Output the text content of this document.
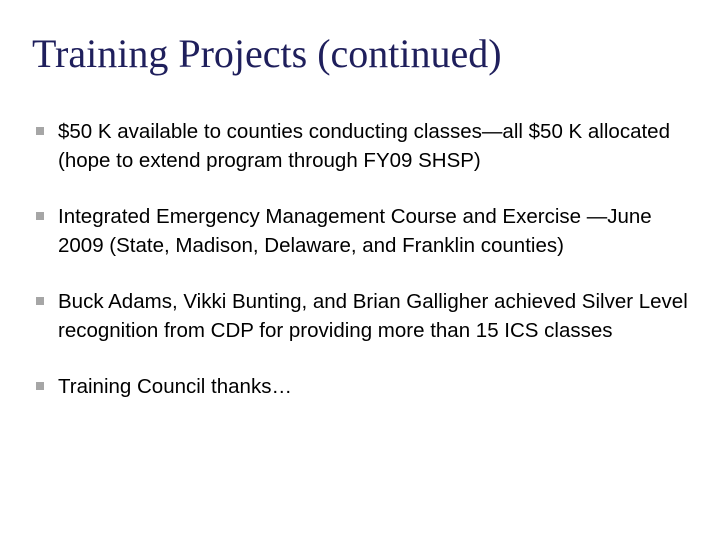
Training Projects (continued)
$50 K available to counties conducting classes—all $50 K allocated (hope to extend program through FY09 SHSP)
Integrated Emergency Management Course and Exercise —June 2009 (State, Madison, Delaware, and Franklin counties)
Buck Adams, Vikki Bunting, and Brian Galligher achieved Silver Level recognition from CDP for providing more than 15 ICS classes
Training Council thanks…
